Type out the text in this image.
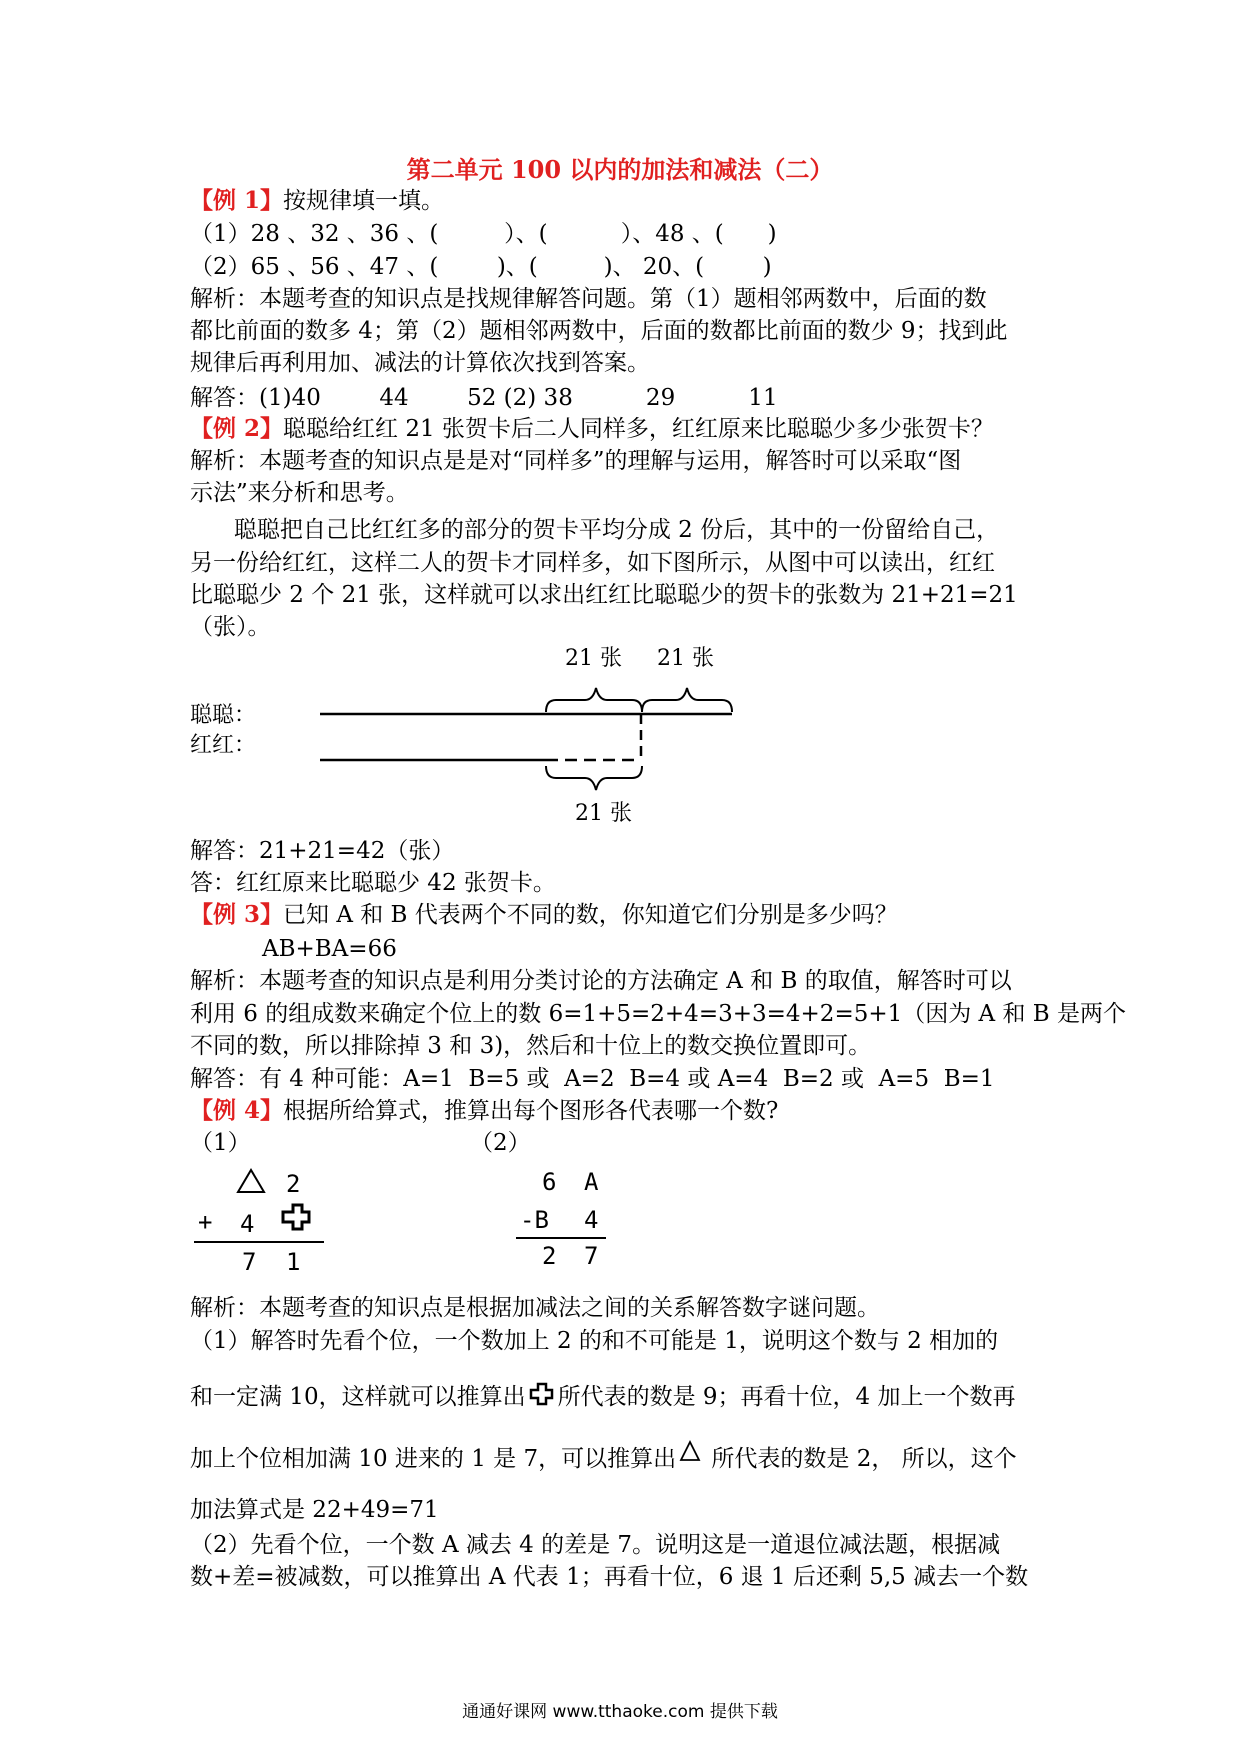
第二单元 100 以内的加法和减法（二）
【例 1】按规律填一填。
（1）28 、32 、36 、(         ）、(          ）、48 、(      )
（2）65 、56 、47 、(        )、(         )、 20、(        )
解析：本题考查的知识点是找规律解答问题。第（1）题相邻两数中，后面的数
都比前面的数多 4；第（2）题相邻两数中，后面的数都比前面的数少 9；找到此
规律后再利用加、减法的计算依次找到答案。
解答：(1)40        44        52 (2) 38          29          11
【例 2】聪聪给红红 21 张贺卡后二人同样多，红红原来比聪聪少多少张贺卡？
解析：本题考查的知识点是是对“同样多”的理解与运用，解答时可以采取“图
示法”来分析和思考。
聪聪把自己比红红多的部分的贺卡平均分成 2 份后，其中的一份留给自己，
另一份给红红，这样二人的贺卡才同样多，如下图所示，从图中可以读出，红红
比聪聪少 2 个 21 张，这样就可以求出红红比聪聪少的贺卡的张数为 21+21=21
（张）。
21 张 21 张
聪聪：
红红：
21 张
解答：21+21=42（张）
答：红红原来比聪聪少 42 张贺卡。
【例 3】已知 A 和 B 代表两个不同的数，你知道它们分别是多少吗？
AB+BA=66
解析：本题考查的知识点是利用分类讨论的方法确定 A 和 B 的取值，解答时可以
利用 6 的组成数来确定个位上的数 6=1+5=2+4=3+3=4+2=5+1（因为 A 和 B 是两个
不同的数，所以排除掉 3 和 3)，然后和十位上的数交换位置即可。
解答：有 4 种可能：A=1  B=5 或  A=2  B=4 或 A=4  B=2 或  A=5  B=1
【例 4】根据所给算式，推算出每个图形各代表哪一个数?
（1）	（2）
2
+ 4
7 1
6 A
-B 4
2 7
解析：本题考查的知识点是根据加减法之间的关系解答数字谜问题。
（1）解答时先看个位，一个数加上 2 的和不可能是 1，说明这个数与 2 相加的
和一定满 10，这样就可以推算出 所代表的数是 9；再看十位，4 加上一个数再
加上个位相加满 10 进来的 1 是 7，可以推算出 所代表的数是 2， 所以，这个
加法算式是 22+49=71
（2）先看个位，一个数 A 减去 4 的差是 7。说明这是一道退位减法题，根据减
数+差=被减数，可以推算出 A 代表 1；再看十位，6 退 1 后还剩 5,5 减去一个数
通通好课网 www.tthaoke.com 提供下载
